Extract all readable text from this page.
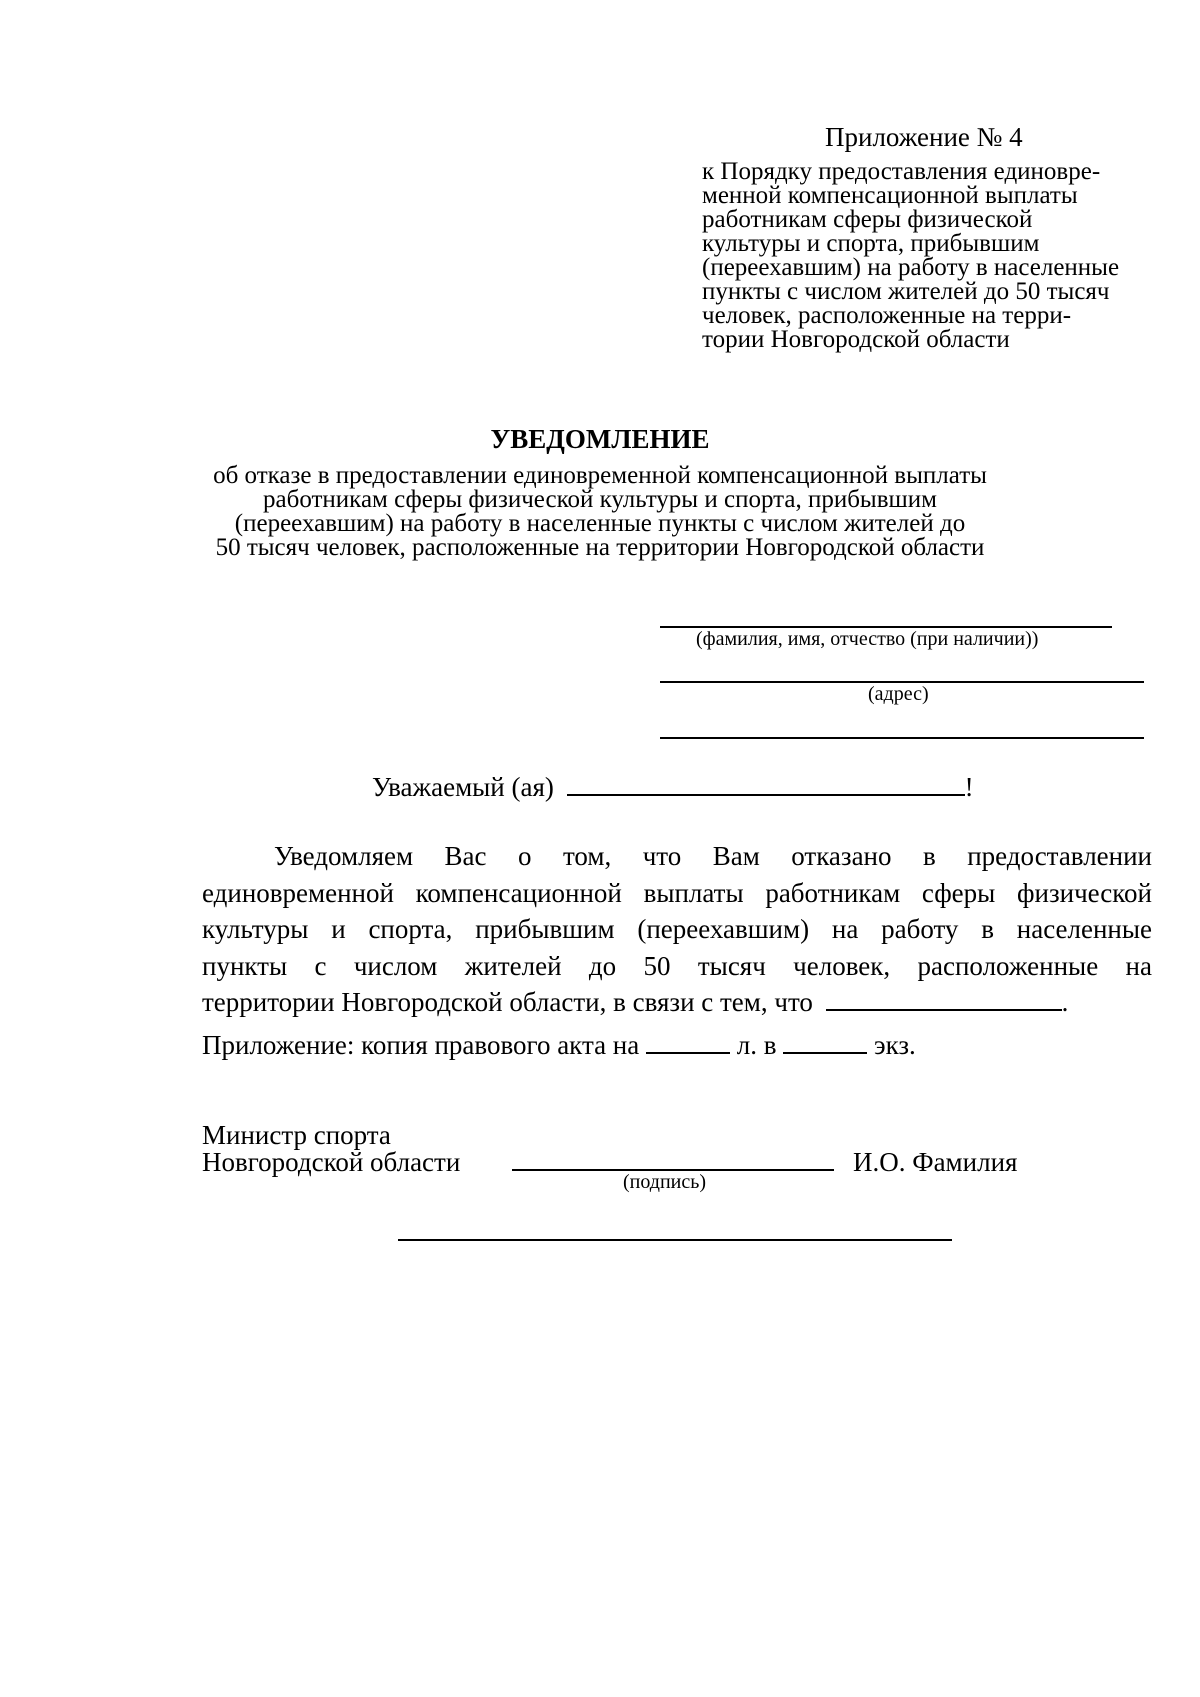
Приложение № 4
к Порядку предоставления единовре-
менной компенсационной выплаты
работникам сферы физической
культуры и спорта, прибывшим
(переехавшим) на работу в населенные
пункты с числом жителей до 50 тысяч
человек, расположенные на терри-
тории Новгородской области
УВЕДОМЛЕНИЕ
об отказе в предоставлении единовременной компенсационной выплаты
работникам сферы физической культуры и спорта, прибывшим
(переехавшим) на работу в населенные пункты с числом жителей до
50 тысяч человек, расположенные на территории Новгородской области
(фамилия, имя, отчество (при наличии))
(адрес)
Уважаемый (ая)	!
Уведомляем Вас о том, что Вам отказано в предоставлении
единовременной компенсационной выплаты работникам сферы физической
культуры и спорта, прибывшим (переехавшим) на работу в населенные
пункты с числом жителей до 50 тысяч человек, расположенные на
территории Новгородской области, в связи с тем, что	.
Приложение: копия правового акта на	л. в	экз.
Министр спорта
Новгородской области
(подпись)
И.О. Фамилия
